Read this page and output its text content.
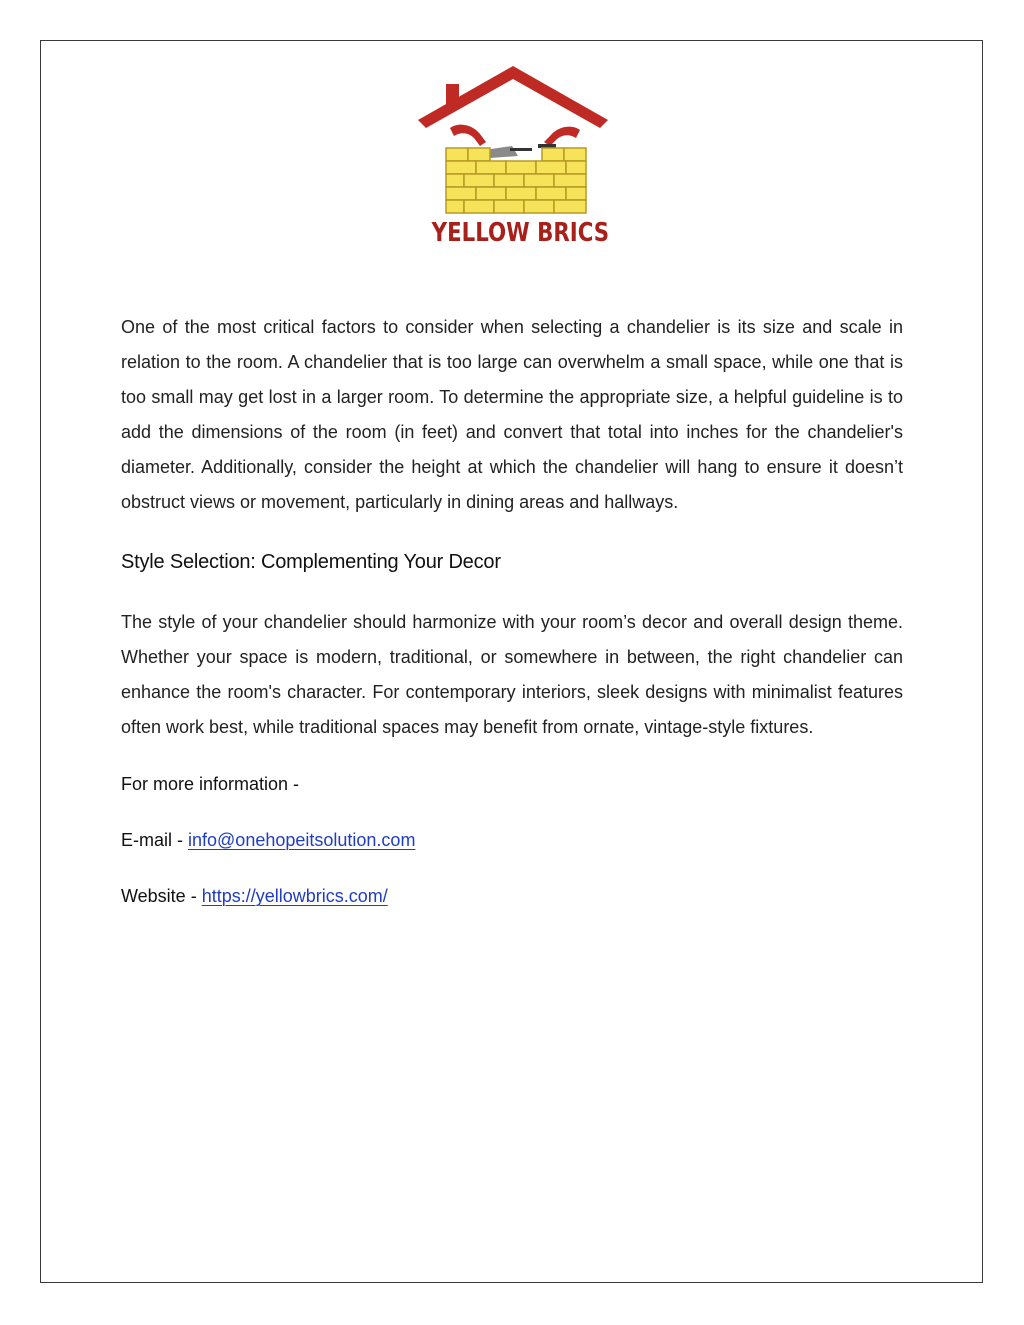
YELLOW BRICS

One of the most critical factors to consider when selecting a chandelier is its size and scale in relation to the room. A chandelier that is too large can overwhelm a small space, while one that is too small may get lost in a larger room. To determine the appropriate size, a helpful guideline is to add the dimensions of the room (in feet) and convert that total into inches for the chandelier's diameter. Additionally, consider the height at which the chandelier will hang to ensure it doesn’t obstruct views or movement, particularly in dining areas and hallways.

Style Selection: Complementing Your Decor

The style of your chandelier should harmonize with your room’s decor and overall design theme. Whether your space is modern, traditional, or somewhere in between, the right chandelier can enhance the room's character. For contemporary interiors, sleek designs with minimalist features often work best, while traditional spaces may benefit from ornate, vintage-style fixtures.

For more information -

E-mail - info@onehopeitsolution.com

Website - https://yellowbrics.com/
